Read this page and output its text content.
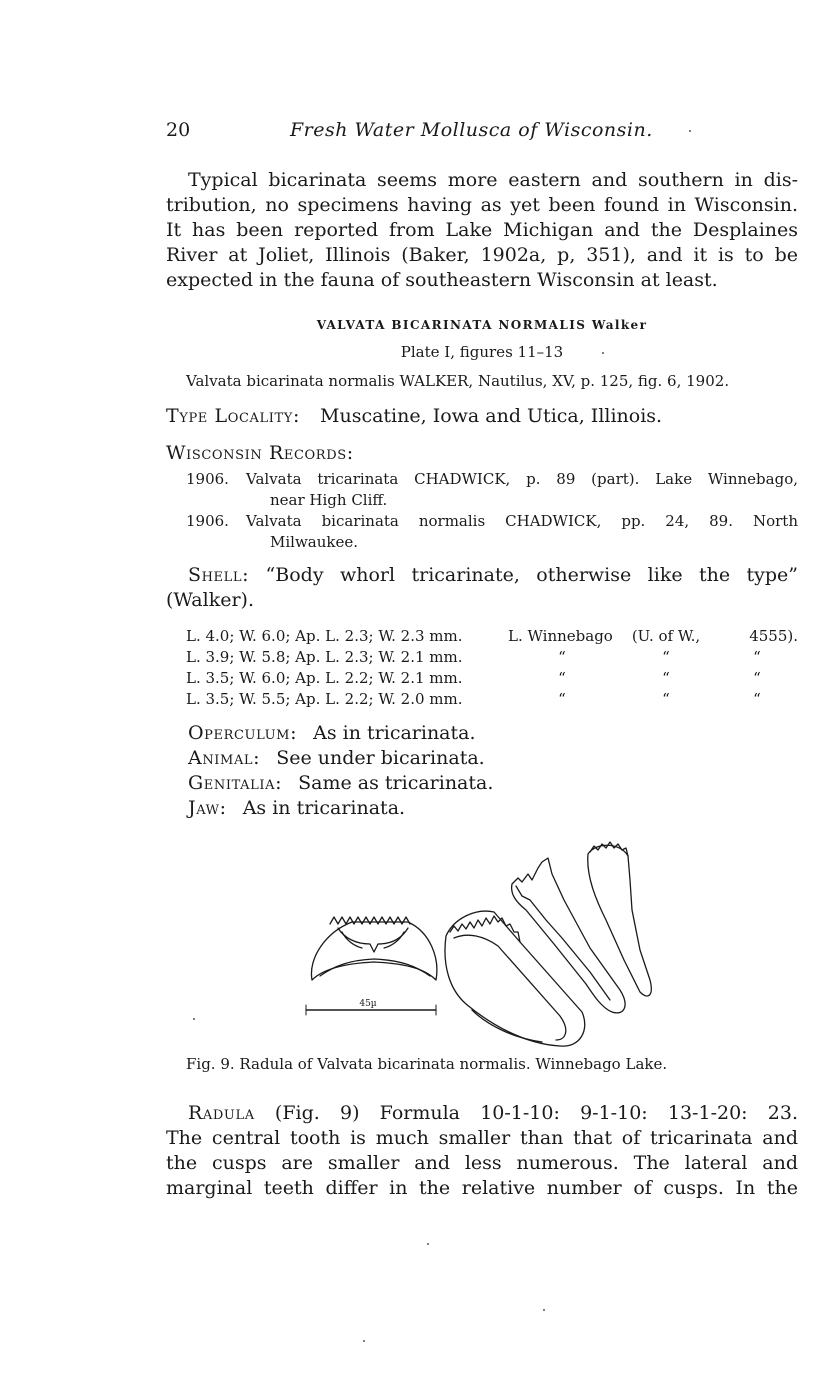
20	Fresh Water Mollusca of Wisconsin.
Typical bicarinata seems more eastern and southern in dis-
tribution, no specimens having as yet been found in Wisconsin.
It has been reported from Lake Michigan and the Desplaines
River at Joliet, Illinois (Baker, 1902a, p, 351), and it is to be
expected in the fauna of southeastern Wisconsin at least.
VALVATA BICARINATA NORMALIS Walker
Plate I, figures 11–13
Valvata bicarinata normalis WALKER, Nautilus, XV, p. 125, fig. 6, 1902.
Type Locality: Muscatine, Iowa and Utica, Illinois.
Wisconsin Records:
1906. Valvata tricarinata CHADWICK, p. 89 (part). Lake Winnebago,
near High Cliff.
1906. Valvata bicarinata normalis CHADWICK, pp. 24, 89. North
Milwaukee.
Shell: “Body whorl tricarinate, otherwise like the type”
(Walker).
L. 4.0; W. 6.0; Ap. L. 2.3; W. 2.3 mm.	L. Winnebago	(U. of W.,	4555).
L. 3.9; W. 5.8; Ap. L. 2.3; W. 2.1 mm.	“	“	“
L. 3.5; W. 6.0; Ap. L. 2.2; W. 2.1 mm.	“	“	“
L. 3.5; W. 5.5; Ap. L. 2.2; W. 2.0 mm.	“	“	“
Operculum: As in tricarinata.
Animal: See under bicarinata.
Genitalia: Same as tricarinata.
Jaw: As in tricarinata.
45µ
Fig. 9. Radula of Valvata bicarinata normalis. Winnebago Lake.
Radula (Fig. 9) Formula 10-1-10: 9-1-10: 13-1-20: 23.
The central tooth is much smaller than that of tricarinata and
the cusps are smaller and less numerous. The lateral and
marginal teeth differ in the relative number of cusps. In the
